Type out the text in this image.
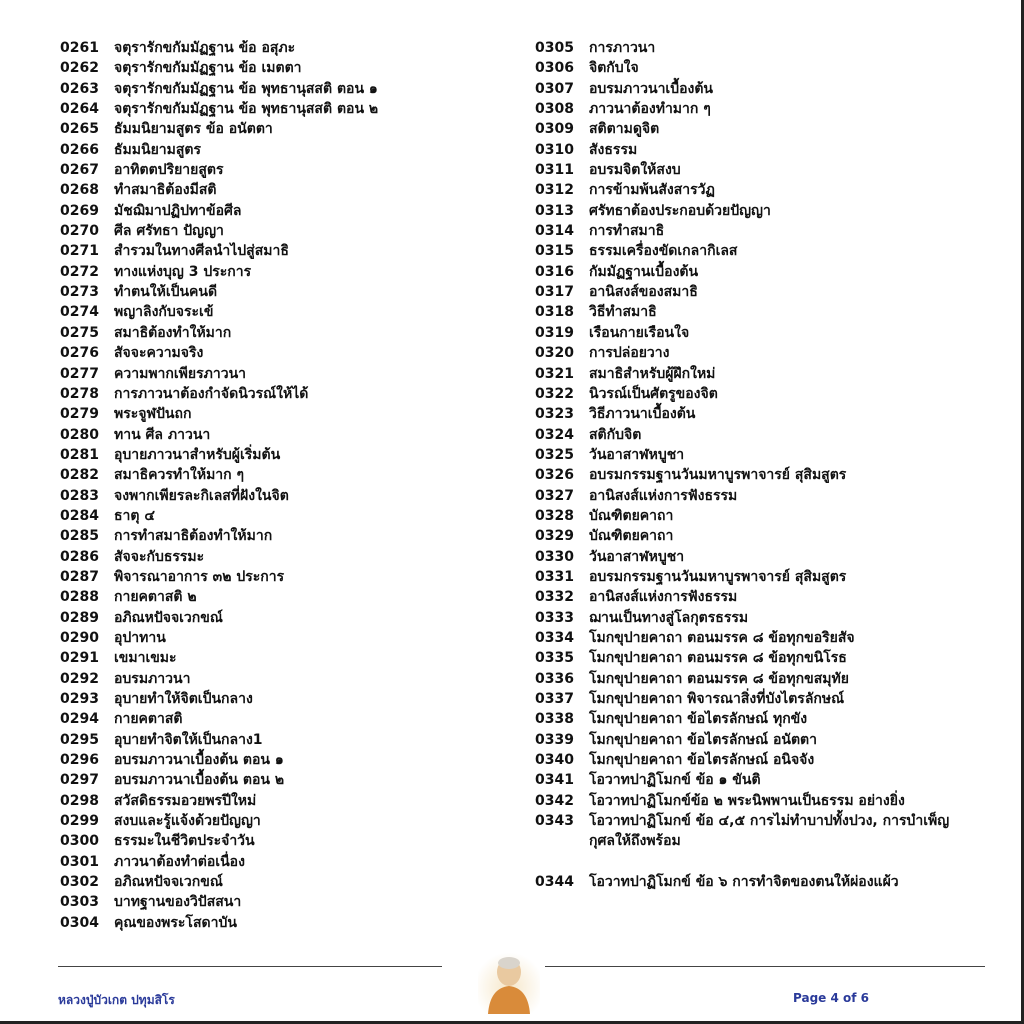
0261	จตุรารักขกัมมัฏฐาน ข้อ อสุภะ
0262	จตุรารักขกัมมัฏฐาน ข้อ เมตตา
0263	จตุรารักขกัมมัฏฐาน ข้อ พุทธานุสสติ ตอน ๑
0264	จตุรารักขกัมมัฏฐาน ข้อ พุทธานุสสติ ตอน ๒
0265	ธัมมนิยามสูตร ข้อ อนัตตา
0266	ธัมมนิยามสูตร
0267	อาทิตตปริยายสูตร
0268	ทำสมาธิต้องมีสติ
0269	มัชฌิมาปฏิปทาข้อศีล
0270	ศีล ศรัทธา ปัญญา
0271	สำรวมในทางศีลนำไปสู่สมาธิ
0272	ทางแห่งบุญ 3 ประการ
0273	ทำตนให้เป็นคนดี
0274	พญาลิงกับจระเข้
0275	สมาธิต้องทำให้มาก
0276	สัจจะความจริง
0277	ความพากเพียรภาวนา
0278	การภาวนาต้องกำจัดนิวรณ์ให้ได้
0279	พระจูฬปันถก
0280	ทาน ศีล ภาวนา
0281	อุบายภาวนาสำหรับผู้เริ่มต้น
0282	สมาธิควรทำให้มาก ๆ
0283	จงพากเพียรละกิเลสที่ฝังในจิต
0284	ธาตุ ๔
0285	การทำสมาธิต้องทำให้มาก
0286	สัจจะกับธรรมะ
0287	พิจารณาอาการ ๓๒ ประการ
0288	กายคตาสติ ๒
0289	อภิณหปัจจเวกขณ์
0290	อุปาทาน
0291	เขมาเขมะ
0292	อบรมภาวนา
0293	อุบายทำให้จิตเป็นกลาง
0294	กายคตาสติ
0295	อุบายทำจิตให้เป็นกลาง1
0296	อบรมภาวนาเบื้องต้น ตอน ๑
0297	อบรมภาวนาเบื้องต้น ตอน ๒
0298	สวัสดิธรรมอวยพรปีใหม่
0299	สงบและรู้แจ้งด้วยปัญญา
0300	ธรรมะในชีวิตประจำวัน
0301	ภาวนาต้องทำต่อเนื่อง
0302	อภิณหปัจจเวกขณ์
0303	บาทฐานของวิปัสสนา
0304	คุณของพระโสดาบัน
0305	การภาวนา
0306	จิตกับใจ
0307	อบรมภาวนาเบื้องต้น
0308	ภาวนาต้องทำมาก ๆ
0309	สติตามดูจิต
0310	สังธรรม
0311	อบรมจิตให้สงบ
0312	การข้ามพ้นสังสารวัฏ
0313	ศรัทธาต้องประกอบด้วยปัญญา
0314	การทำสมาธิ
0315	ธรรมเครื่องขัดเกลากิเลส
0316	กัมมัฏฐานเบื้องต้น
0317	อานิสงส์ของสมาธิ
0318	วิธีทำสมาธิ
0319	เรือนกายเรือนใจ
0320	การปล่อยวาง
0321	สมาธิสำหรับผู้ฝึกใหม่
0322	นิวรณ์เป็นศัตรูของจิต
0323	วิธีภาวนาเบื้องต้น
0324	สติกับจิต
0325	วันอาสาฬหบูชา
0326	อบรมกรรมฐานวันมหาบูรพาจารย์ สุสิมสูตร
0327	อานิสงส์แห่งการฟังธรรม
0328	บัณฑิตยคาถา
0329	บัณฑิตยคาถา
0330	วันอาสาฬหบูชา
0331	อบรมกรรมฐานวันมหาบูรพาจารย์ สุสิมสูตร
0332	อานิสงส์แห่งการฟังธรรม
0333	ฌานเป็นทางสู่โลกุตรธรรม
0334	โมกขุปายคาถา ตอนมรรค ๘ ข้อทุกขอริยสัจ
0335	โมกขุปายคาถา ตอนมรรค ๘ ข้อทุกขนิโรธ
0336	โมกขุปายคาถา ตอนมรรค ๘ ข้อทุกขสมุทัย
0337	โมกขุปายคาถา พิจารณาสิ่งที่บังไตรลักษณ์
0338	โมกขุปายคาถา ข้อไตรลักษณ์ ทุกขัง
0339	โมกขุปายคาถา ข้อไตรลักษณ์ อนัตตา
0340	โมกขุปายคาถา ข้อไตรลักษณ์ อนิจจัง
0341	โอวาทปาฏิโมกข์ ข้อ ๑ ขันติ
0342	โอวาทปาฏิโมกข์ข้อ ๒ พระนิพพานเป็นธรรม อย่างยิ่ง
0343	โอวาทปาฏิโมกข์ ข้อ ๔,๕ การไม่ทำบาปทั้งปวง, การบำเพ็ญกุศลให้ถึงพร้อม
0344	โอวาทปาฏิโมกข์ ข้อ ๖ การทำจิตของตนให้ผ่องแผ้ว
หลวงปู่บัวเกต ปทุมสิโร	Page 4 of 6
